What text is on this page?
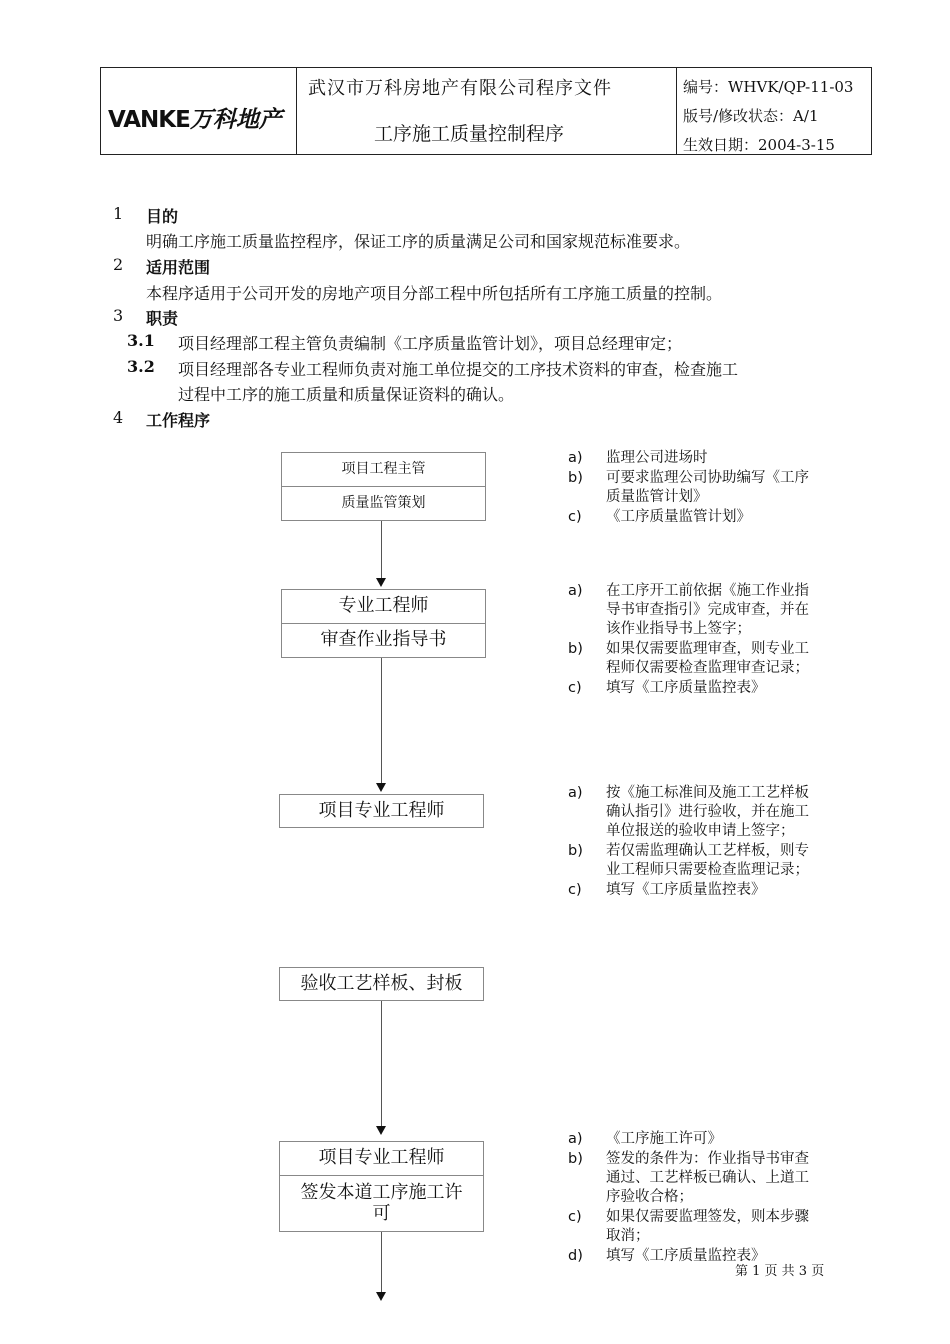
VANKE万科地产
武汉市万科房地产有限公司程序文件
工序施工质量控制程序
编号：WHVK/QP-11-03
版号/修改状态：A/1
生效日期：2004-3-15
1 目的
明确工序施工质量监控程序，保证工序的质量满足公司和国家规范标准要求。
2 适用范围
本程序适用于公司开发的房地产项目分部工程中所包括所有工序施工质量的控制。
3 职责
3.1 项目经理部工程主管负责编制《工序质量监管计划》，项目总经理审定；
3.2 项目经理部各专业工程师负责对施工单位提交的工序技术资料的审查，检查施工
过程中工序的施工质量和质量保证资料的确认。
4 工作程序
项目工程主管
质量监管策划
专业工程师
审查作业指导书
项目专业工程师
验收工艺样板、封板
项目专业工程师
签发本道工序施工许
可
a) 监理公司进场时
b) 可要求监理公司协助编写《工序
质量监管计划》
c) 《工序质量监管计划》
a) 在工序开工前依据《施工作业指
导书审查指引》完成审查，并在
该作业指导书上签字；
b) 如果仅需要监理审查，则专业工
程师仅需要检查监理审查记录；
c) 填写《工序质量监控表》
a) 按《施工标准间及施工工艺样板
确认指引》进行验收，并在施工
单位报送的验收申请上签字；
b) 若仅需监理确认工艺样板，则专
业工程师只需要检查监理记录；
c) 填写《工序质量监控表》
a) 《工序施工许可》
b) 签发的条件为：作业指导书审查
通过、工艺样板已确认、上道工
序验收合格；
c) 如果仅需要监理签发，则本步骤
取消；
d) 填写《工序质量监控表》
第 1 页 共 3 页
